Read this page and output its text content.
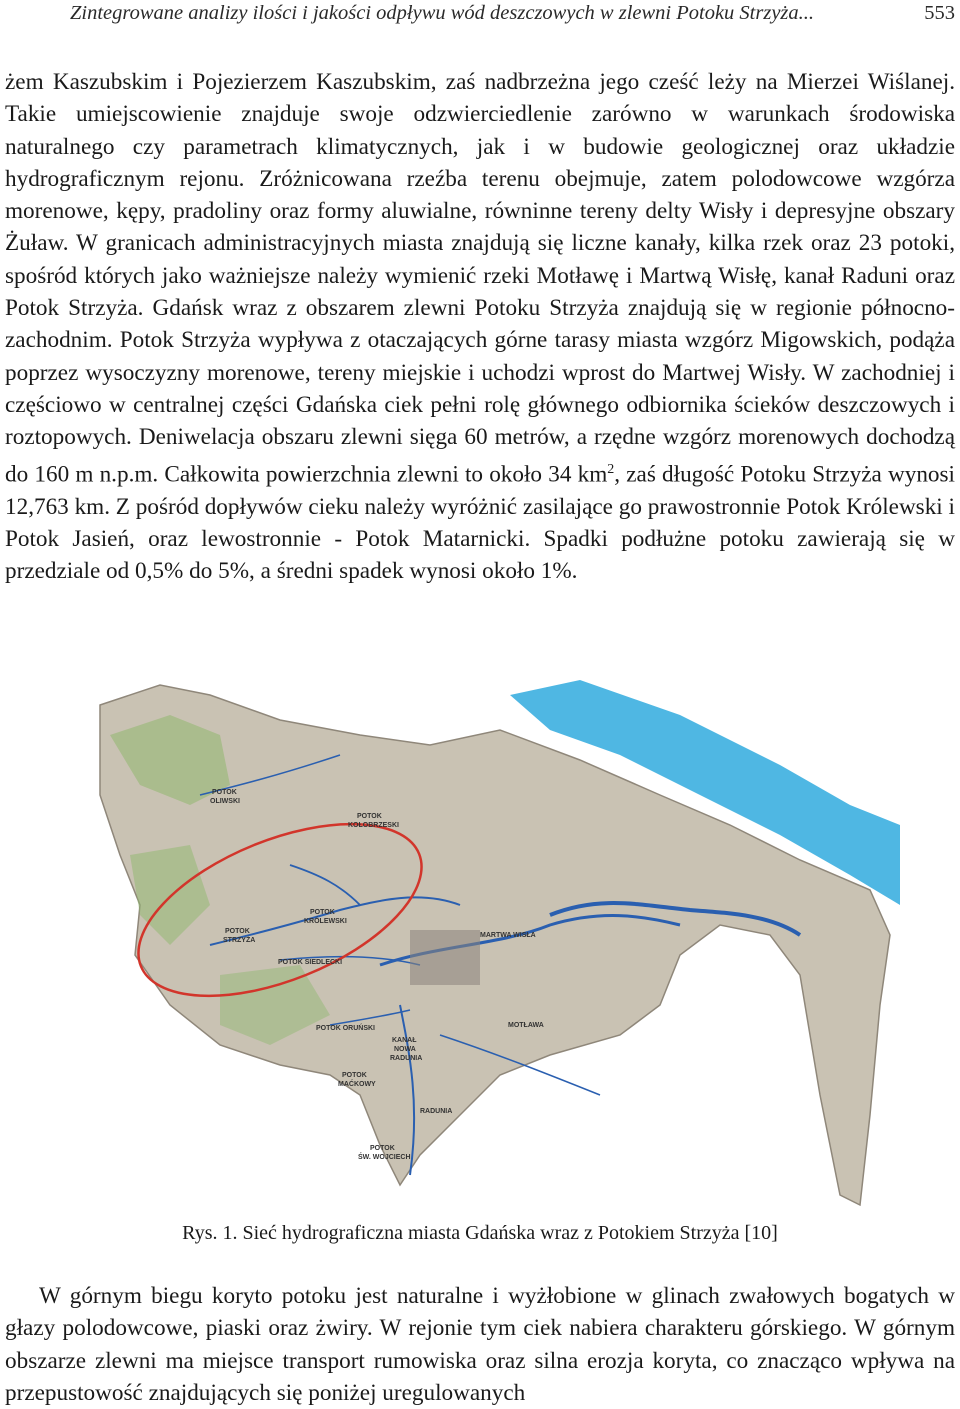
Zintegrowane analizy ilości i jakości odpływu wód deszczowych w zlewni Potoku Strzyża...	553

żem Kaszubskim i Pojezierzem Kaszubskim, zaś nadbrzeżna jego cześć leży na Mierzei Wiślanej. Takie umiejscowienie znajduje swoje odzwierciedlenie zarówno w warunkach środowiska naturalnego czy parametrach klimatycznych, jak i w budowie geologicznej oraz układzie hydrograficznym rejonu. Zróżnicowana rzeźba terenu obejmuje, zatem polodowcowe wzgórza morenowe, kępy, pradoliny oraz formy aluwialne, równinne tereny delty Wisły i depresyjne obszary Żuław. W granicach administracyjnych miasta znajdują się liczne kanały, kilka rzek oraz 23 potoki, spośród których jako ważniejsze należy wymienić rzeki Motławę i Martwą Wisłę, kanał Raduni oraz Potok Strzyża. Gdańsk wraz z obszarem zlewni Potoku Strzyża znajdują się w regionie północno-zachodnim. Potok Strzyża wypływa z otaczających górne tarasy miasta wzgórz Migowskich, podąża poprzez wysoczyzny morenowe, tereny miejskie i uchodzi wprost do Martwej Wisły. W zachodniej i częściowo w centralnej części Gdańska ciek pełni rolę głównego odbiornika ścieków deszczowych i roztopowych. Deniwelacja obszaru zlewni sięga 60 metrów, a rzędne wzgórz morenowych dochodzą do 160 m n.p.m. Całkowita powierzchnia zlewni to około 34 $km^2$, zaś długość Potoku Strzyża wynosi 12,763 km. Z pośród dopływów cieku należy wyróżnić zasilające go prawostronnie Potok Królewski i Potok Jasień, oraz lewostronnie - Potok Matarnicki. Spadki podłużne potoku zawierają się w przedziale od 0,5% do 5%, a średni spadek wynosi około 1%.

POTOK
OLIWSKI
POTOK
KOŁOBRZESKI
POTOK
KRÓLEWSKI
POTOK
STRZYŻA
POTOK SIEDLECKI
MARTWA WISŁA
POTOK ORUŃSKI
KANAŁ
NOWA
RADUNIA
MOTŁAWA
POTOK
MAĆKOWY
RADUNIA
POTOK
ŚW. WOJCIECH
Rys. 1. Sieć hydrograficzna miasta Gdańska wraz z Potokiem Strzyża [10]

W górnym biegu koryto potoku jest naturalne i wyżłobione w glinach zwałowych bogatych w głazy polodowcowe, piaski oraz żwiry. W rejonie tym ciek nabiera charakteru górskiego. W górnym obszarze zlewni ma miejsce transport rumowiska oraz silna erozja koryta, co znacząco wpływa na przepustowość znajdujących się poniżej uregulowanych
